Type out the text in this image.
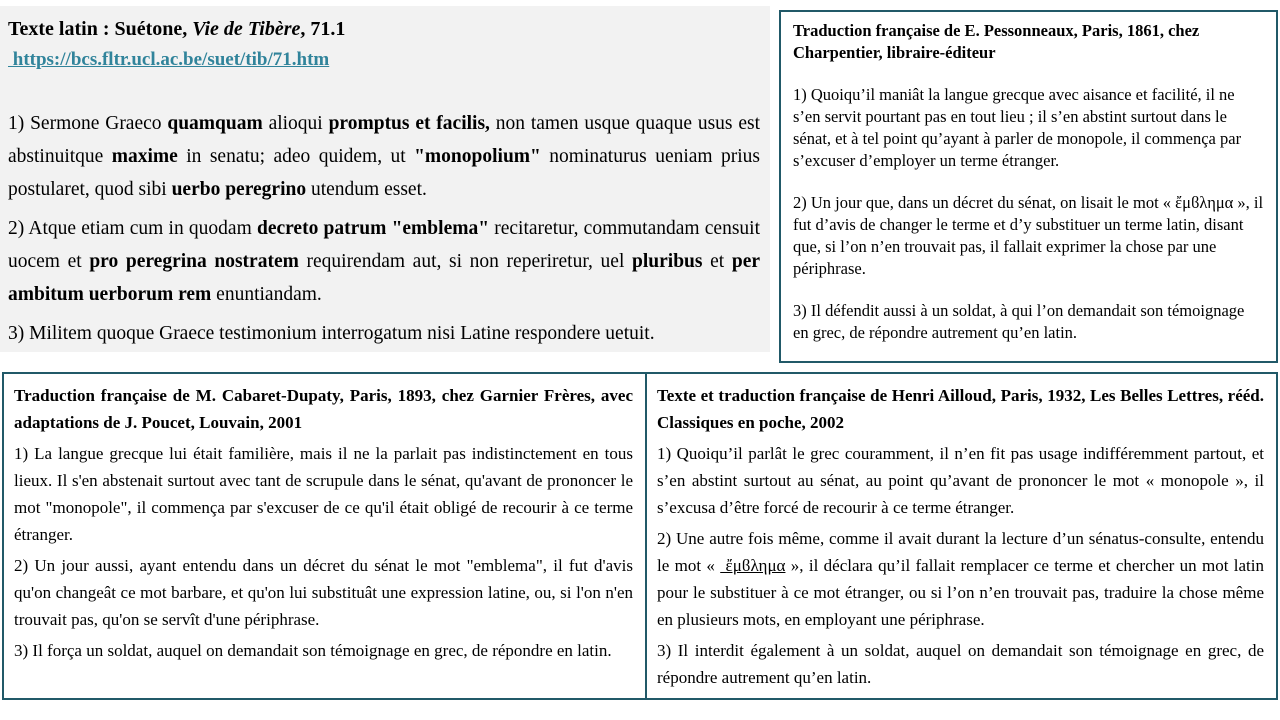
Texte latin : Suétone, Vie de Tibère, 71.1
https://bcs.fltr.ucl.ac.be/suet/tib/71.htm

1) Sermone Graeco quamquam alioqui promptus et facilis, non tamen usque quaque usus est abstinuitque maxime in senatu; adeo quidem, ut "monopolium" nominaturus ueniam prius postularet, quod sibi uerbo peregrino utendum esset.

2) Atque etiam cum in quodam decreto patrum "emblema" recitaretur, commutandam censuit uocem et pro peregrina nostratem requirendam aut, si non reperiretur, uel pluribus et per ambitum uerborum rem enuntiandam.

3) Militem quoque Graece testimonium interrogatum nisi Latine respondere uetuit.

Traduction française de E. Pessonneaux, Paris, 1861, chez Charpentier, libraire-éditeur

1) Quoiqu’il maniât la langue grecque avec aisance et facilité, il ne s’en servit pourtant pas en tout lieu ; il s’en abstint surtout dans le sénat, et à tel point qu’ayant à parler de monopole, il commença par s’excuser d’employer un terme étranger.

2) Un jour que, dans un décret du sénat, on lisait le mot « ἔμϐλημα », il fut d’avis de changer le terme et d’y substituer un terme latin, disant que, si l’on n’en trouvait pas, il fallait exprimer la chose par une périphrase.

3) Il défendit aussi à un soldat, à qui l’on demandait son témoignage en grec, de répondre autrement qu’en latin.

Traduction française de M. Cabaret-Dupaty, Paris, 1893, chez Garnier Frères, avec adaptations de J. Poucet, Louvain, 2001

1) La langue grecque lui était familière, mais il ne la parlait pas indistinctement en tous lieux. Il s'en abstenait surtout avec tant de scrupule dans le sénat, qu'avant de prononcer le mot "monopole", il commença par s'excuser de ce qu'il était obligé de recourir à ce terme étranger.

2) Un jour aussi, ayant entendu dans un décret du sénat le mot "emblema", il fut d'avis qu'on changeât ce mot barbare, et qu'on lui substituât une expression latine, ou, si l'on n'en trouvait pas, qu'on se servît d'une périphrase.

3) Il força un soldat, auquel on demandait son témoignage en grec, de répondre en latin.

Texte et traduction française de Henri Ailloud, Paris, 1932, Les Belles Lettres, rééd. Classiques en poche, 2002

1) Quoiqu’il parlât le grec couramment, il n’en fit pas usage indifféremment partout, et s’en abstint surtout au sénat, au point qu’avant de prononcer le mot « monopole », il s’excusa d’être forcé de recourir à ce terme étranger.

2) Une autre fois même, comme il avait durant la lecture d’un sénatus-consulte, entendu le mot «  ἔμϐλημα », il déclara qu’il fallait remplacer ce terme et chercher un mot latin pour le substituer à ce mot étranger, ou si l’on n’en trouvait pas, traduire la chose même en plusieurs mots, en employant une périphrase.

3) Il interdit également à un soldat, auquel on demandait son témoignage en grec, de répondre autrement qu’en latin.
